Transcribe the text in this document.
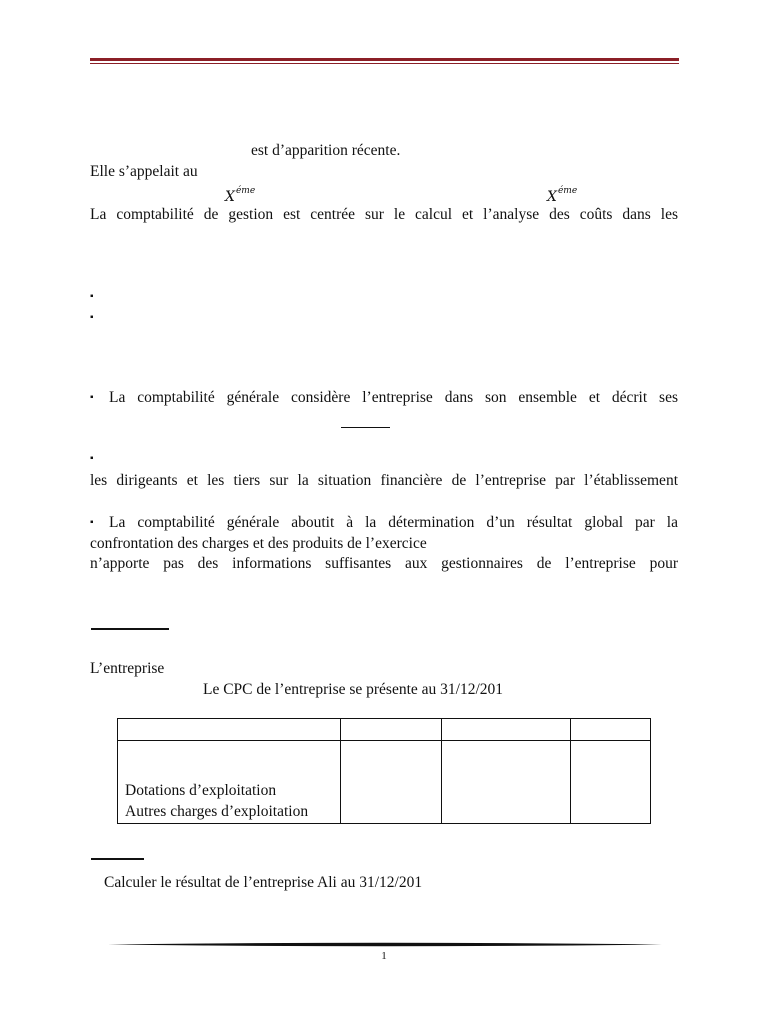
est d’apparition récente.
Elle s’appelait au
$X^{éme}$	$X^{éme}$
La comptabilité de gestion est centrée sur le calcul et l’analyse des coûts dans les
▪
▪
▪ La comptabilité générale considère l’entreprise dans son ensemble et décrit ses
▪
les dirigeants et les tiers sur la situation financière de l’entreprise par l’établissement
▪ La comptabilité générale aboutit à la détermination d’un résultat global par la
confrontation des charges et des produits de l’exercice
n’apporte pas des informations suffisantes aux gestionnaires de l’entreprise pour
L’entreprise
Le CPC de l’entreprise se présente au 31/12/201

Dotations d’exploitation
Autres charges d’exploitation			

Calculer le résultat de l’entreprise Ali au 31/12/201
1
